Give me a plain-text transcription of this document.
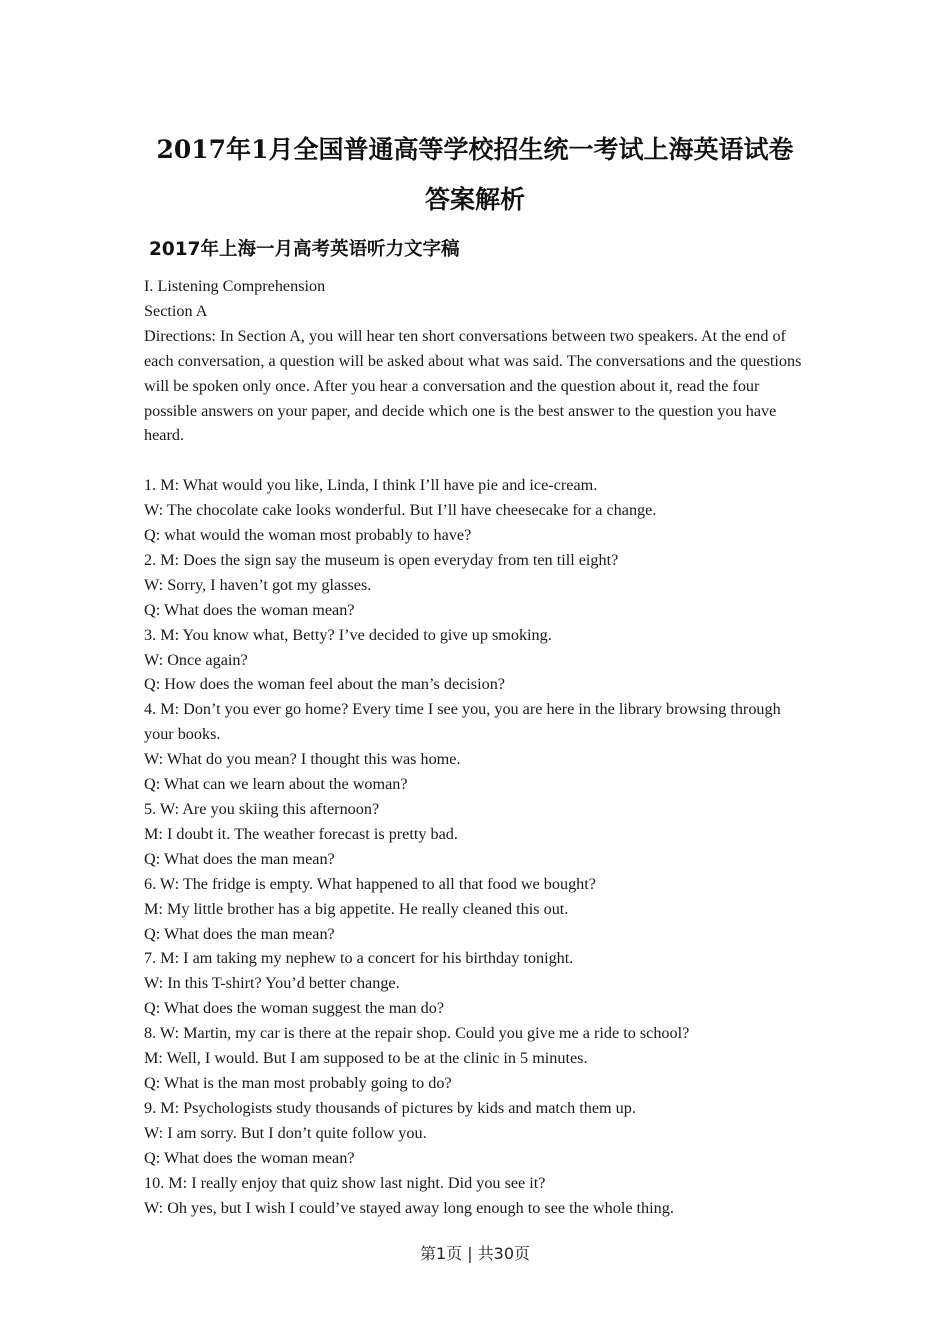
2017年1月全国普通高等学校招生统一考试上海英语试卷
答案解析
2017年上海一月高考英语听力文字稿

I. Listening Comprehension

Section A

Directions: In Section A, you will hear ten short conversations between two speakers. At the end of each conversation, a question will be asked about what was said. The conversations and the questions will be spoken only once. After you hear a conversation and the question about it, read the four possible answers on your paper, and decide which one is the best answer to the question you have heard.

1. M: What would you like, Linda, I think I’ll have pie and ice-cream.

W: The chocolate cake looks wonderful. But I’ll have cheesecake for a change.

Q: what would the woman most probably to have?

2. M: Does the sign say the museum is open everyday from ten till eight?

W: Sorry, I haven’t got my glasses.

Q: What does the woman mean?

3. M: You know what, Betty? I’ve decided to give up smoking.

W: Once again?

Q: How does the woman feel about the man’s decision?

4. M: Don’t you ever go home? Every time I see you, you are here in the library browsing through your books.

W: What do you mean? I thought this was home.

Q: What can we learn about the woman?

5. W: Are you skiing this afternoon?

M: I doubt it. The weather forecast is pretty bad.

Q: What does the man mean?

6. W: The fridge is empty. What happened to all that food we bought?

M: My little brother has a big appetite. He really cleaned this out.

Q: What does the man mean?

7. M: I am taking my nephew to a concert for his birthday tonight.

W: In this T-shirt? You’d better change.

Q: What does the woman suggest the man do?

8. W: Martin, my car is there at the repair shop. Could you give me a ride to school?

M: Well, I would. But I am supposed to be at the clinic in 5 minutes.

Q: What is the man most probably going to do?

9. M: Psychologists study thousands of pictures by kids and match them up.

W: I am sorry. But I don’t quite follow you.

Q: What does the woman mean?

10. M: I really enjoy that quiz show last night. Did you see it?

W: Oh yes, but I wish I could’ve stayed away long enough to see the whole thing.

第1页 | 共30页
